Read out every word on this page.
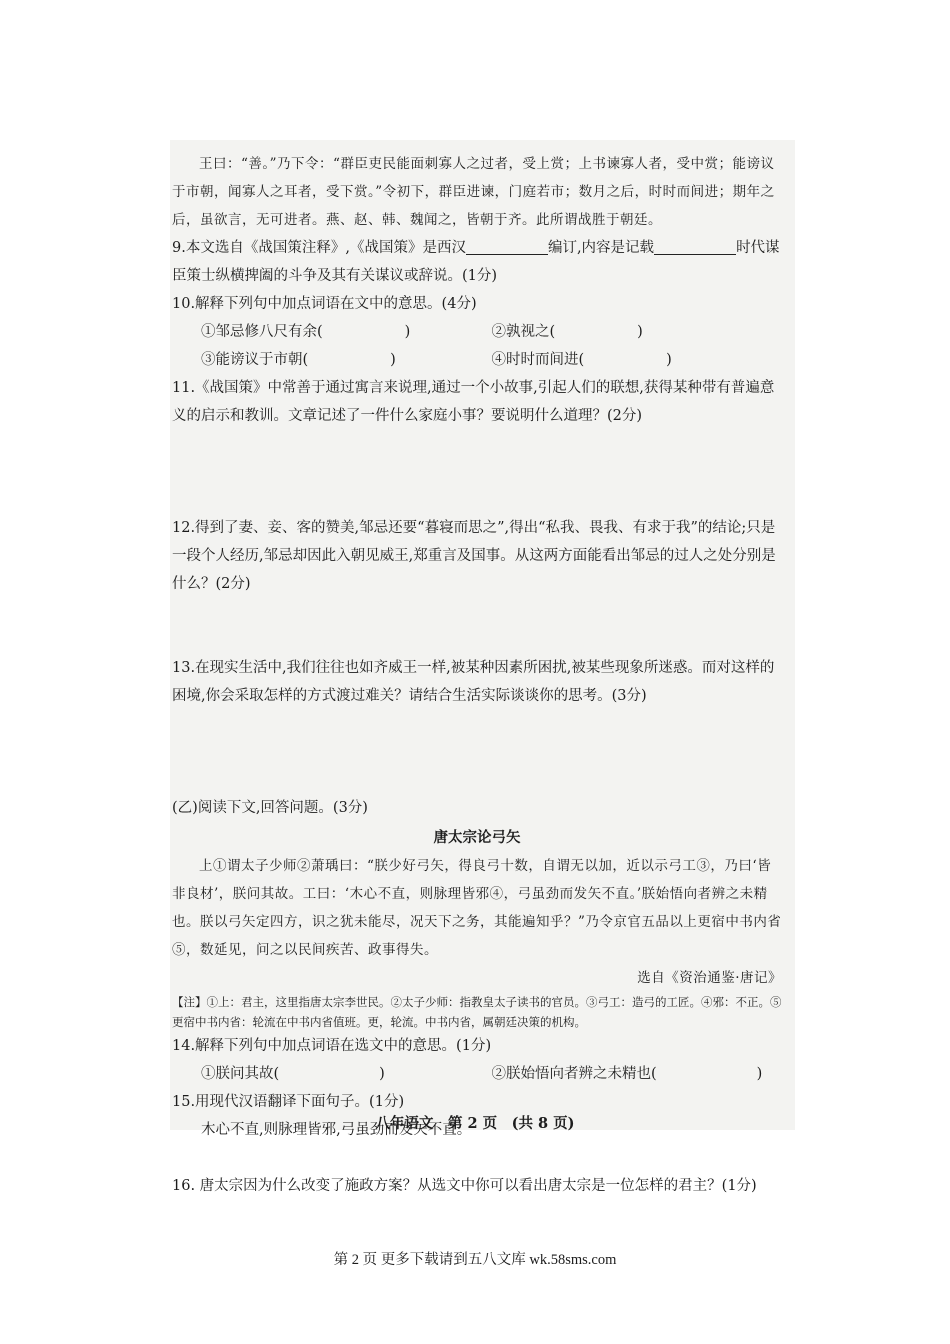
王曰：“善。”乃下令：“群臣吏民能面刺寡人之过者，受上赏；上书谏寡人者，受中赏；能谤议于市朝，闻寡人之耳者，受下赏。”令初下，群臣进谏，门庭若市；数月之后，时时而间进；期年之后，虽欲言，无可进者。燕、赵、韩、魏闻之，皆朝于齐。此所谓战胜于朝廷。

9.本文选自《战国策注释》,《战国策》是西汉	编订,内容是记载	时代谋臣策士纵横捭阖的斗争及其有关谋议或辞说。(1分)

10.解释下列句中加点词语在文中的意思。(4分)

①邹忌修八尺有余(	)	②孰视之(	)
③能谤议于市朝(	)	④时时而间进(	)

11.《战国策》中常善于通过寓言来说理,通过一个小故事,引起人们的联想,获得某种带有普遍意义的启示和教训。文章记述了一件什么家庭小事？要说明什么道理？(2分)

12.得到了妻、妾、客的赞美,邹忌还要“暮寝而思之”,得出“私我、畏我、有求于我”的结论;只是一段个人经历,邹忌却因此入朝见威王,郑重言及国事。从这两方面能看出邹忌的过人之处分别是什么？(2分)

13.在现实生活中,我们往往也如齐威王一样,被某种因素所困扰,被某些现象所迷惑。而对这样的困境,你会采取怎样的方式渡过难关？请结合生活实际谈谈你的思考。(3分)

(乙)阅读下文,回答问题。(3分)

唐太宗论弓矢

上①谓太子少师②萧瑀曰：“朕少好弓矢，得良弓十数，自谓无以加，近以示弓工③，乃曰‘皆非良材’，朕问其故。工曰：‘木心不直，则脉理皆邪④，弓虽劲而发矢不直。’朕始悟向者辨之未精也。朕以弓矢定四方，识之犹未能尽，况天下之务，其能遍知乎？”乃令京官五品以上更宿中书内省⑤，数延见，问之以民间疾苦、政事得失。

选自《资治通鉴·唐记》

【注】①上：君主，这里指唐太宗李世民。②太子少师：指教皇太子读书的官员。③弓工：造弓的工匠。④邪：不正。⑤更宿中书内省：轮流在中书内省值班。更，轮流。中书内省，属朝廷决策的机构。

14.解释下列句中加点词语在选文中的意思。(1分)

①朕问其故(	)	②朕始悟向者辨之未精也(	)

15.用现代汉语翻译下面句子。(1分)

木心不直,则脉理皆邪,弓虽劲而发矢不直。

16. 唐太宗因为什么改变了施政方案？从选文中你可以看出唐太宗是一位怎样的君主？(1分)

八年语文　第 2 页　(共 8 页)
第 2 页 更多下载请到五八文库 wk.58sms.com
